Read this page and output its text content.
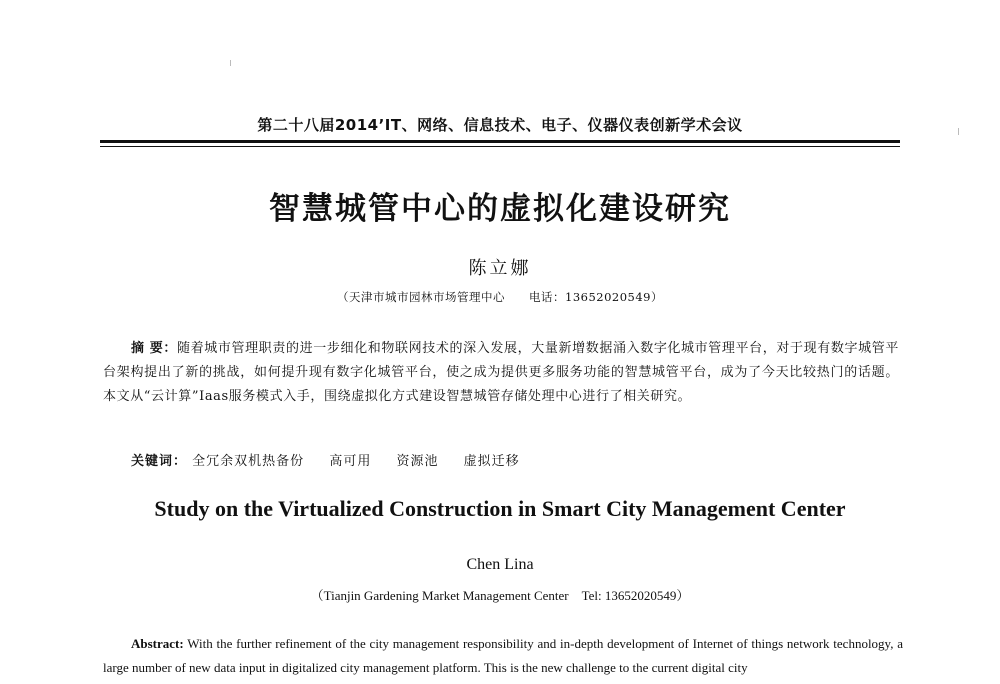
第二十八届2014’IT、网络、信息技术、电子、仪器仪表创新学术会议
智慧城管中心的虚拟化建设研究
陈立娜
（天津市城市园林市场管理中心　　电话：13652020549）
摘 要：随着城市管理职责的进一步细化和物联网技术的深入发展，大量新增数据涌入数字化城市管理平台，对于现有数字城管平台架构提出了新的挑战，如何提升现有数字化城管平台，使之成为提供更多服务功能的智慧城管平台，成为了今天比较热门的话题。本文从“云计算”Iaas服务模式入手，围绕虚拟化方式建设智慧城管存储处理中心进行了相关研究。
关键词： 全冗余双机热备份 高可用 资源池 虚拟迁移
Study on the Virtualized Construction in Smart City Management Center
Chen Lina
（Tianjin Gardening Market Management Center　Tel: 13652020549）
Abstract: With the further refinement of the city management responsibility and in-depth development of Internet of things network technology, a large number of new data input in digitalized city management platform. This is the new challenge to the current digital city
